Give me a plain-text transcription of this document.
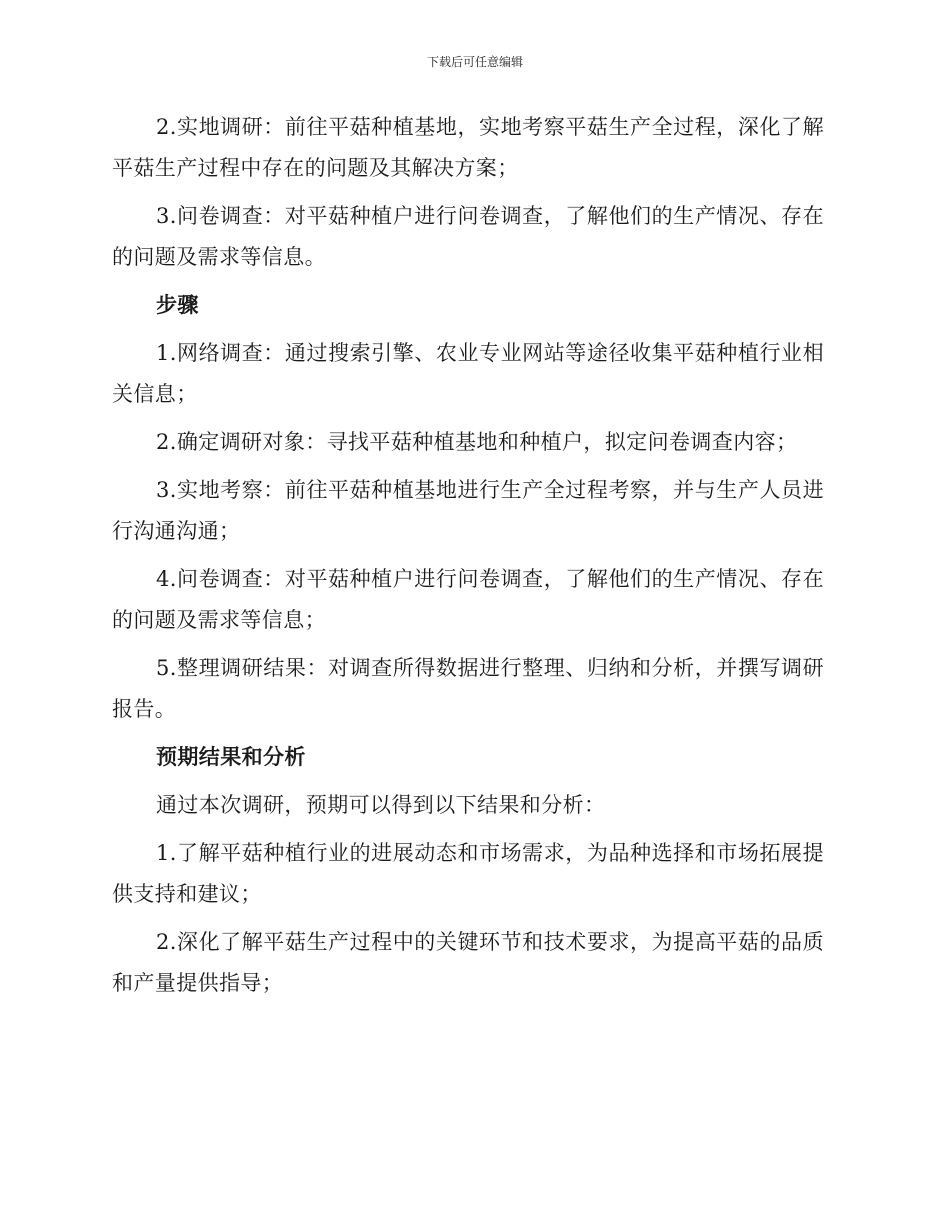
下载后可任意编辑

2.实地调研：前往平菇种植基地，实地考察平菇生产全过程，深化了解平菇生产过程中存在的问题及其解决方案；

3.问卷调查：对平菇种植户进行问卷调查，了解他们的生产情况、存在的问题及需求等信息。

步骤

1.网络调查：通过搜索引擎、农业专业网站等途径收集平菇种植行业相关信息；

2.确定调研对象：寻找平菇种植基地和种植户，拟定问卷调查内容；

3.实地考察：前往平菇种植基地进行生产全过程考察，并与生产人员进行沟通沟通；

4.问卷调查：对平菇种植户进行问卷调查，了解他们的生产情况、存在的问题及需求等信息；

5.整理调研结果：对调查所得数据进行整理、归纳和分析，并撰写调研报告。

预期结果和分析

通过本次调研，预期可以得到以下结果和分析：

1.了解平菇种植行业的进展动态和市场需求，为品种选择和市场拓展提供支持和建议；

2.深化了解平菇生产过程中的关键环节和技术要求，为提高平菇的品质和产量提供指导；
